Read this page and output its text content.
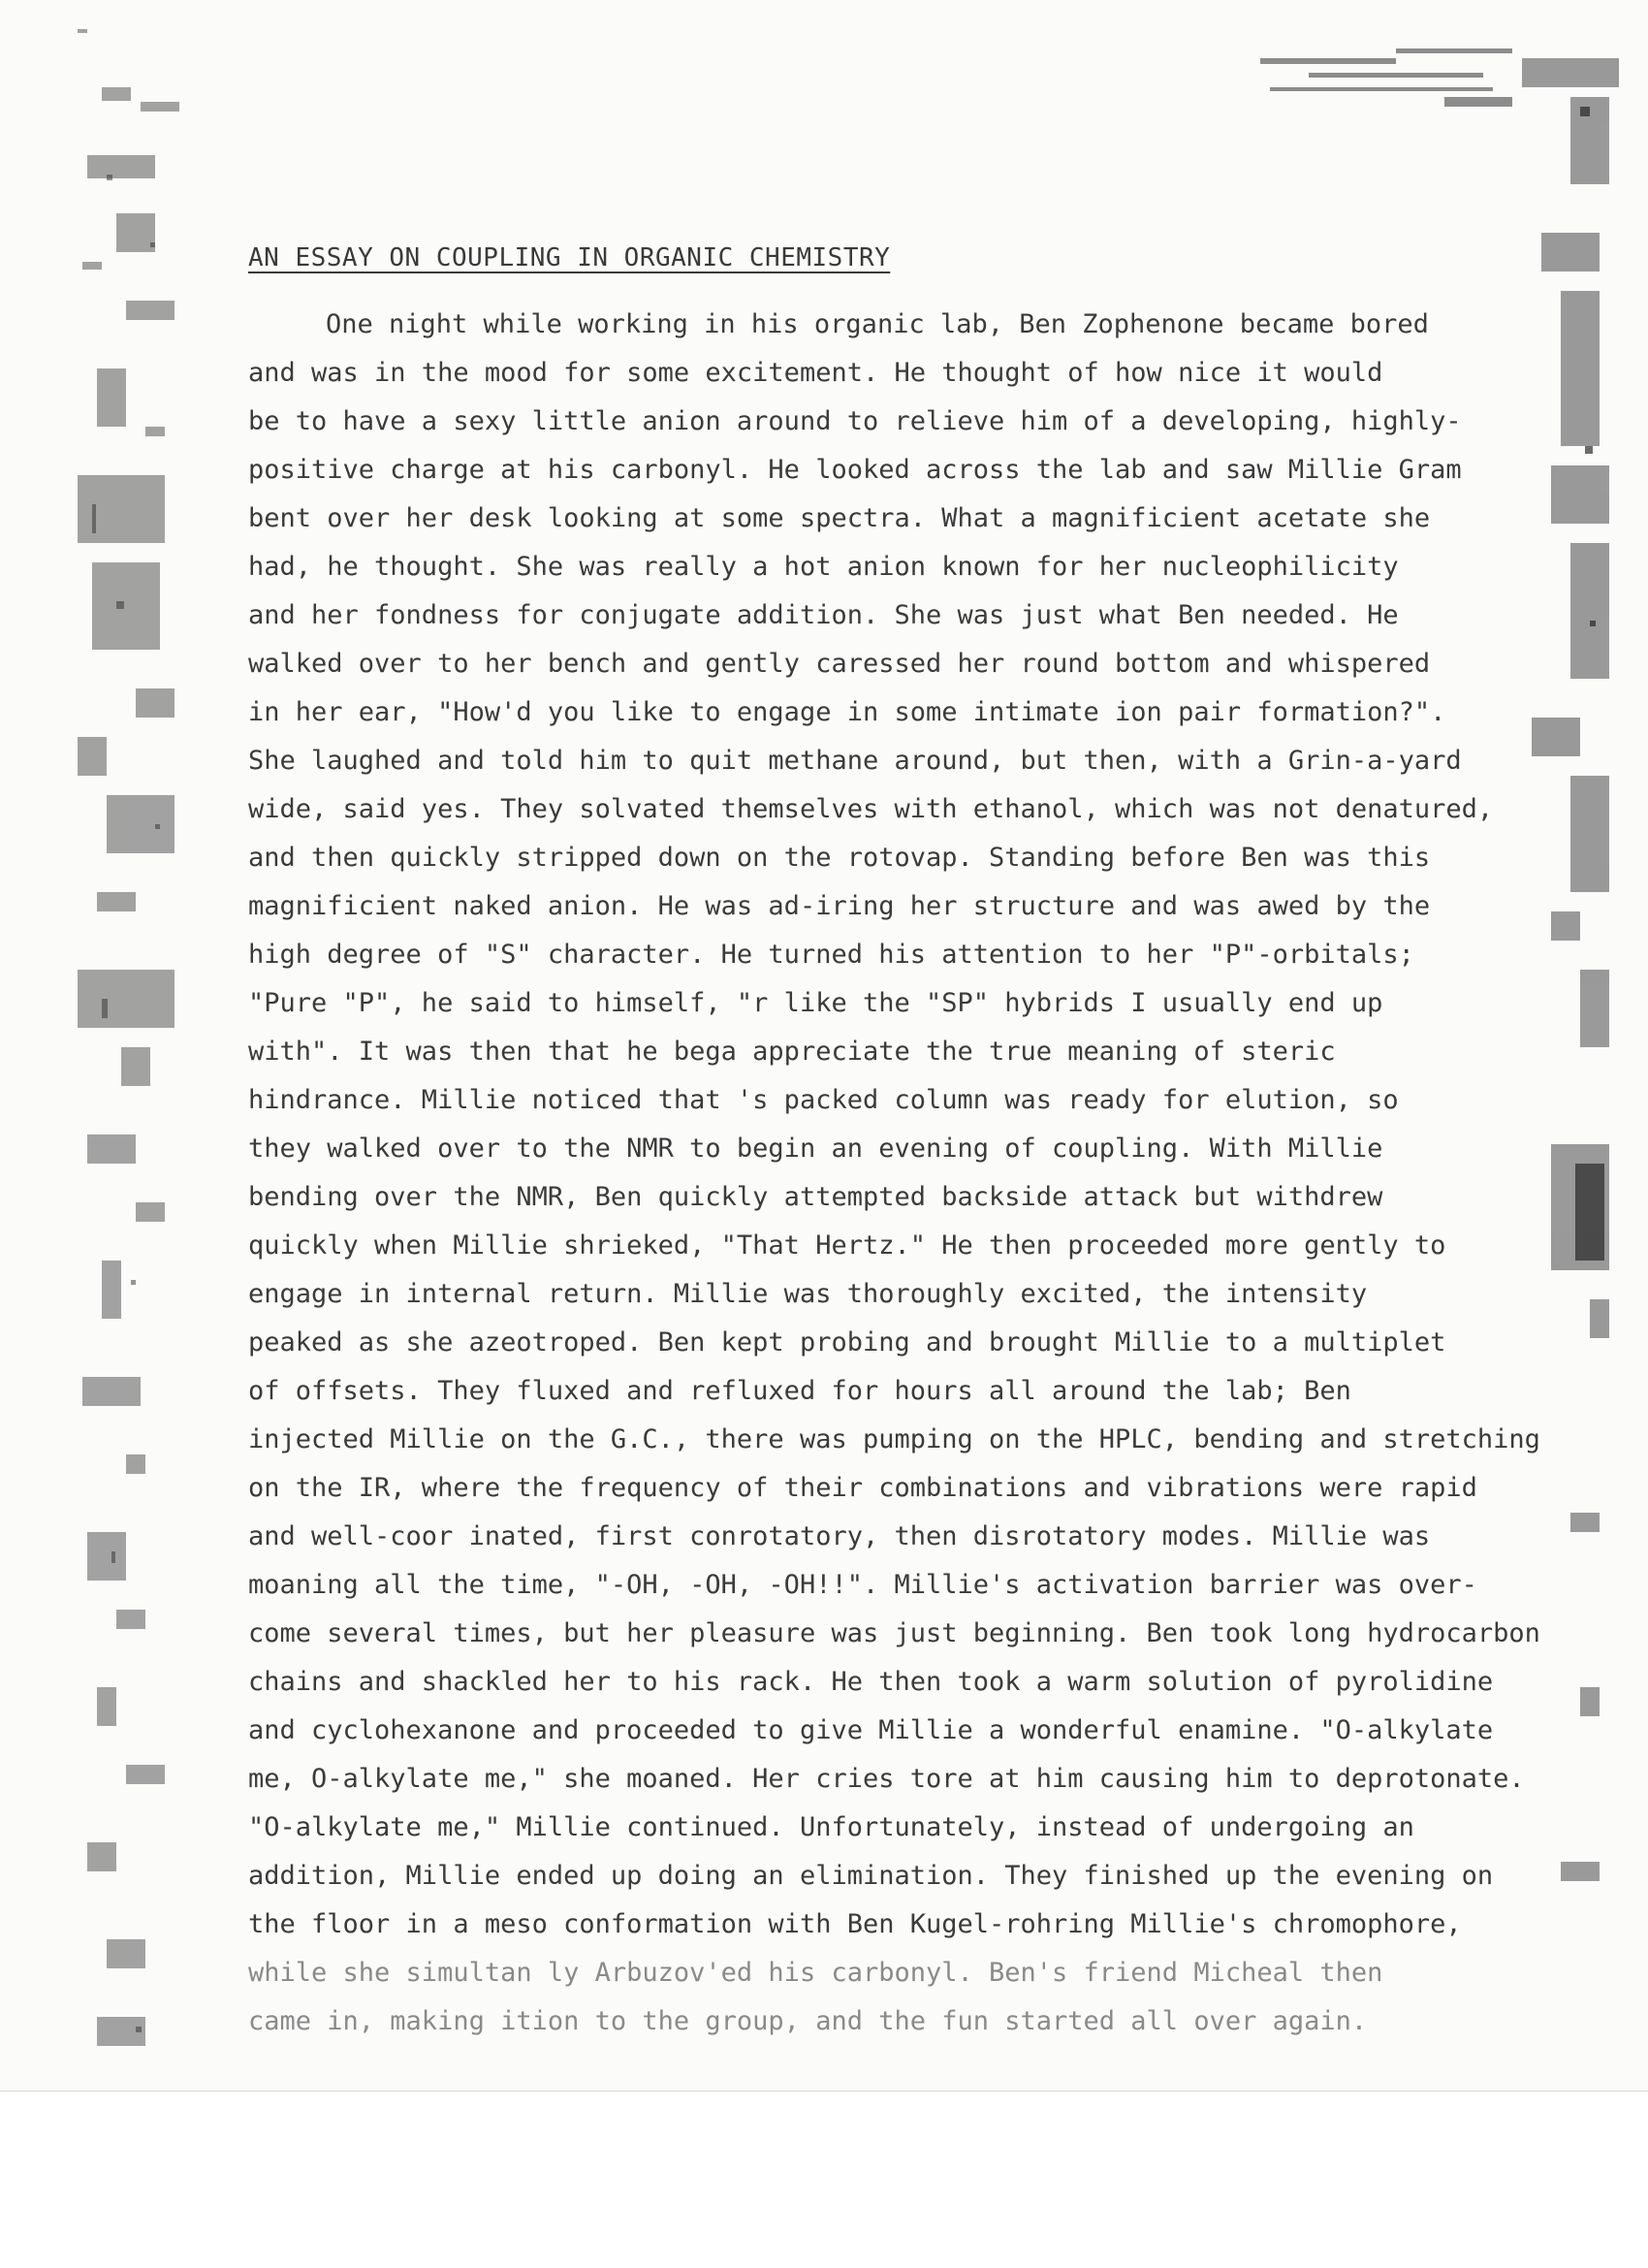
AN ESSAY ON COUPLING IN ORGANIC CHEMISTRY
One night while working in his organic lab, Ben Zophenone became bored
and was in the mood for some excitement. He thought of how nice it would
be to have a sexy little anion around to relieve him of a developing, highly-
positive charge at his carbonyl. He looked across the lab and saw Millie Gram
bent over her desk looking at some spectra. What a magnificient acetate she
had, he thought. She was really a hot anion known for her nucleophilicity
and her fondness for conjugate addition. She was just what Ben needed. He
walked over to her bench and gently caressed her round bottom and whispered
in her ear, "How'd you like to engage in some intimate ion pair formation?".
She laughed and told him to quit methane around, but then, with a Grin-a-yard
wide, said yes. They solvated themselves with ethanol, which was not denatured,
and then quickly stripped down on the rotovap. Standing before Ben was this
magnificient naked anion. He was ad-iring her structure and was awed by the
high degree of "S" character. He turned his attention to her "P"-orbitals;
"Pure "P", he said to himself, "r like the "SP" hybrids I usually end up
with". It was then that he bega appreciate the true meaning of steric
hindrance. Millie noticed that 's packed column was ready for elution, so
they walked over to the NMR to begin an evening of coupling. With Millie
bending over the NMR, Ben quickly attempted backside attack but withdrew
quickly when Millie shrieked, "That Hertz." He then proceeded more gently to
engage in internal return. Millie was thoroughly excited, the intensity
peaked as she azeotroped. Ben kept probing and brought Millie to a multiplet
of offsets. They fluxed and refluxed for hours all around the lab; Ben
injected Millie on the G.C., there was pumping on the HPLC, bending and stretching
on the IR, where the frequency of their combinations and vibrations were rapid
and well-coor inated, first conrotatory, then disrotatory modes. Millie was
moaning all the time, "-OH, -OH, -OH!!". Millie's activation barrier was over-
come several times, but her pleasure was just beginning. Ben took long hydrocarbon
chains and shackled her to his rack. He then took a warm solution of pyrolidine
and cyclohexanone and proceeded to give Millie a wonderful enamine. "O-alkylate
me, O-alkylate me," she moaned. Her cries tore at him causing him to deprotonate.
"O-alkylate me," Millie continued. Unfortunately, instead of undergoing an
addition, Millie ended up doing an elimination. They finished up the evening on
the floor in a meso conformation with Ben Kugel-rohring Millie's chromophore,
while she simultan ly Arbuzov'ed his carbonyl. Ben's friend Micheal then
came in, making ition to the group, and the fun started all over again.
